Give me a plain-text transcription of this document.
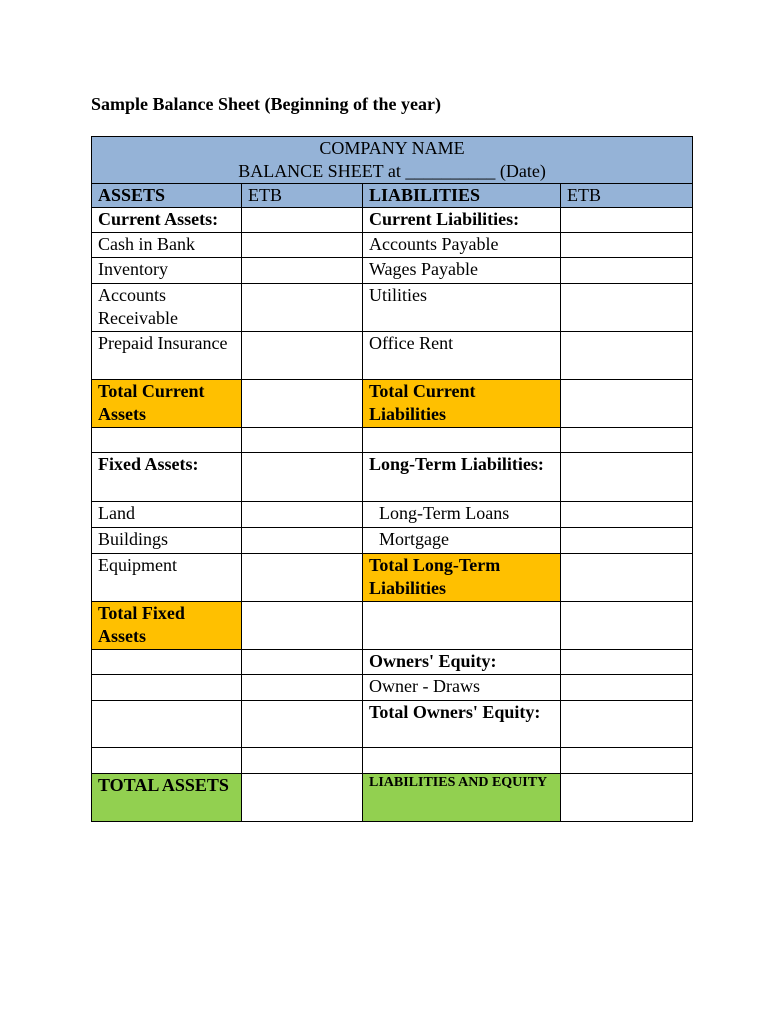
Sample Balance Sheet (Beginning of the year)
COMPANY NAME
BALANCE SHEET at __________ (Date)			

ASSETS	ETB	LIABILITIES	ETB
Current Assets:		Current Liabilities:	
Cash in Bank		Accounts Payable	
Inventory		Wages Payable	
Accounts Receivable		Utilities	
Prepaid Insurance		Office Rent	
Total Current Assets		Total Current Liabilities	

Fixed Assets:		Long-Term Liabilities:	
Land		Long-Term Loans	
Buildings		Mortgage	
Equipment		Total Long-Term Liabilities	
Total Fixed Assets			
		Owners' Equity:	
		Owner - Draws	
		Total Owners' Equity:	

TOTAL ASSETS		LIABILITIES AND EQUITY	
